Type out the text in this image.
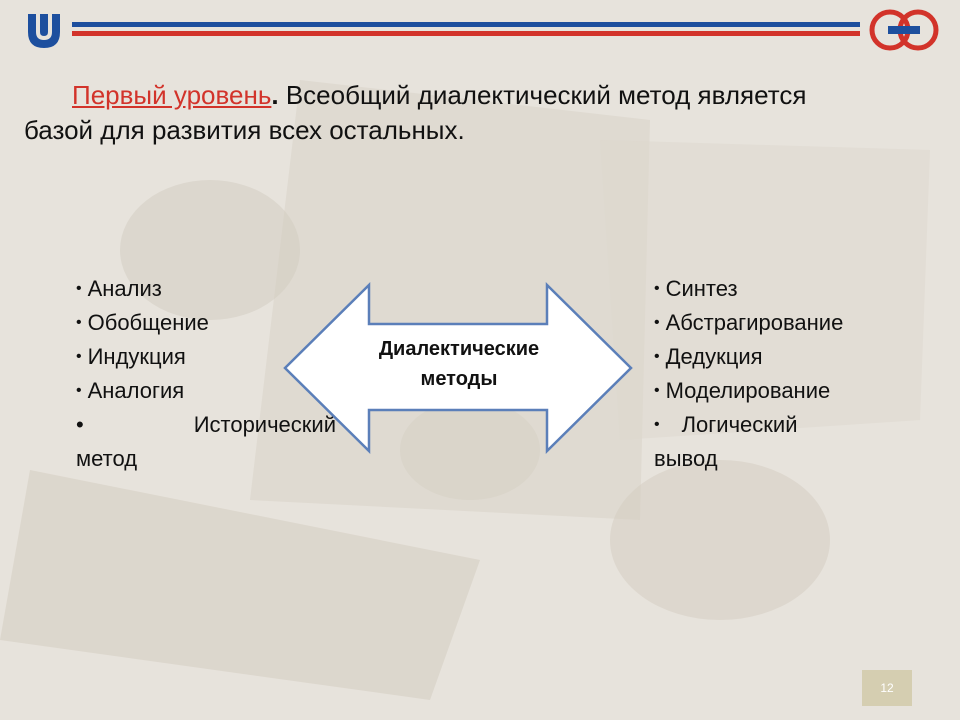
Первый уровень. Всеобщий диалектический метод является
базой для развития всех остальных.
• Анализ
• Обобщение
• Индукция
• Аналогия
•	Исторический
метод
Диалектические
методы
• Синтез
• Абстрагирование
• Дедукция
• Моделирование
• Логический
вывод
12
